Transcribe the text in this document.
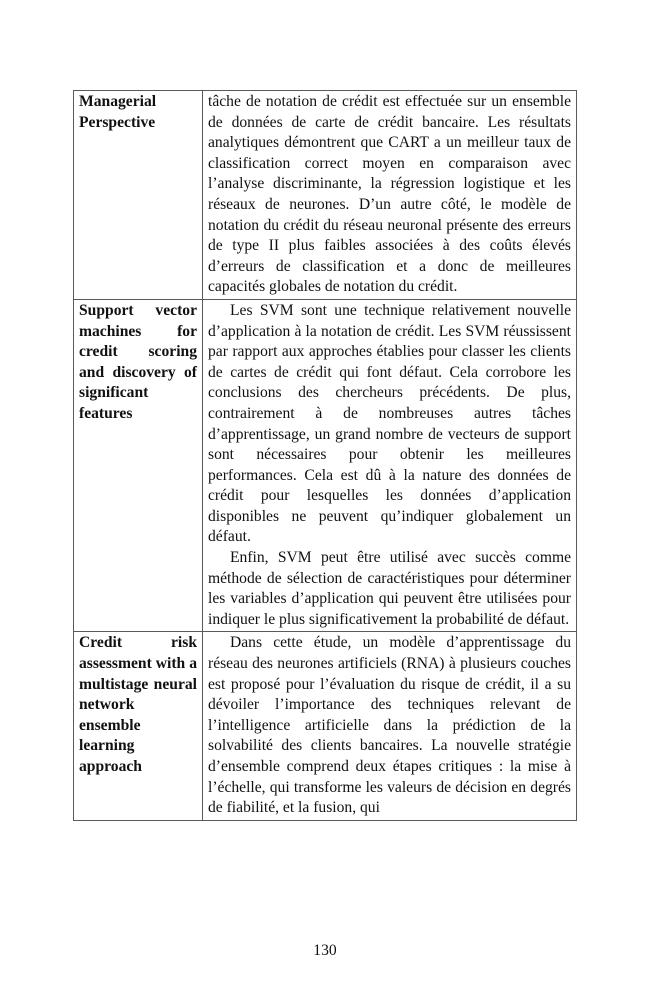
Managerial Perspective	tâche de notation de crédit est effectuée sur un ensemble de données de carte de crédit bancaire. Les résultats analytiques démontrent que CART a un meilleur taux de classification correct moyen en comparaison avec l’analyse discriminante, la régression logistique et les réseaux de neurones. D’un autre côté, le modèle de notation du crédit du réseau neuronal présente des erreurs de type II plus faibles associées à des coûts élevés d’erreurs de classification et a donc de meilleures capacités globales de notation du crédit.

Support vector machines for credit scoring and discovery of significant features	Les SVM sont une technique relativement nouvelle d’application à la notation de crédit. Les SVM réussissent par rapport aux approches établies pour classer les clients de cartes de crédit qui font défaut. Cela corrobore les conclusions des chercheurs précédents. De plus, contrairement à de nombreuses autres tâches d’apprentissage, un grand nombre de vecteurs de support sont nécessaires pour obtenir les meilleures performances. Cela est dû à la nature des données de crédit pour lesquelles les données d’application disponibles ne peuvent qu’indiquer globalement un défaut.

Enfin, SVM peut être utilisé avec succès comme méthode de sélection de caractéristiques pour déterminer les variables d’application qui peuvent être utilisées pour indiquer le plus significativement la probabilité de défaut.

Credit risk assessment with a multistage neural network ensemble learning approach	Dans cette étude, un modèle d’apprentissage du réseau des neurones artificiels (RNA) à plusieurs couches est proposé pour l’évaluation du risque de crédit, il a su dévoiler l’importance des techniques relevant de l’intelligence artificielle dans la prédiction de la solvabilité des clients bancaires. La nouvelle stratégie d’ensemble comprend deux étapes critiques : la mise à l’échelle, qui transforme les valeurs de décision en degrés de fiabilité, et la fusion, qui

130
